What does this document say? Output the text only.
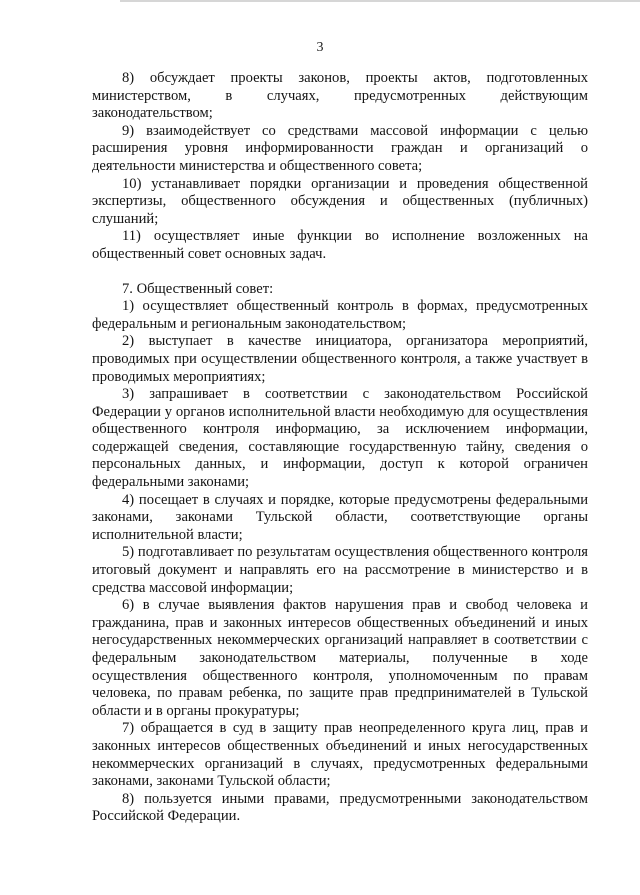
3

8) обсуждает проекты законов, проекты актов, подготовленных министерством, в случаях, предусмотренных действующим законодательством;

9) взаимодействует со средствами массовой информации с целью расширения уровня информированности граждан и организаций о деятельности министерства и общественного совета;

10) устанавливает порядки организации и проведения общественной экспертизы, общественного обсуждения и общественных (публичных) слушаний;

11) осуществляет иные функции во исполнение возложенных на общественный совет основных задач.

7. Общественный совет:

1) осуществляет общественный контроль в формах, предусмотренных федеральным и региональным законодательством;

2) выступает в качестве инициатора, организатора мероприятий, проводимых при осуществлении общественного контроля, а также участвует в проводимых мероприятиях;

3) запрашивает в соответствии с законодательством Российской Федерации у органов исполнительной власти необходимую для осуществления общественного контроля информацию, за исключением информации, содержащей сведения, составляющие государственную тайну, сведения о персональных данных, и информации, доступ к которой ограничен федеральными законами;

4) посещает в случаях и порядке, которые предусмотрены федеральными законами, законами Тульской области, соответствующие органы исполнительной власти;

5) подготавливает по результатам осуществления общественного контроля итоговый документ и направлять его на рассмотрение в министерство и в средства массовой информации;

6) в случае выявления фактов нарушения прав и свобод человека и гражданина, прав и законных интересов общественных объединений и иных негосударственных некоммерческих организаций направляет в соответствии с федеральным законодательством материалы, полученные в ходе осуществления общественного контроля, уполномоченным по правам человека, по правам ребенка, по защите прав предпринимателей в Тульской области и в органы прокуратуры;

7) обращается в суд в защиту прав неопределенного круга лиц, прав и законных интересов общественных объединений и иных негосударственных некоммерческих организаций в случаях, предусмотренных федеральными законами, законами Тульской области;

8) пользуется иными правами, предусмотренными законодательством Российской Федерации.
